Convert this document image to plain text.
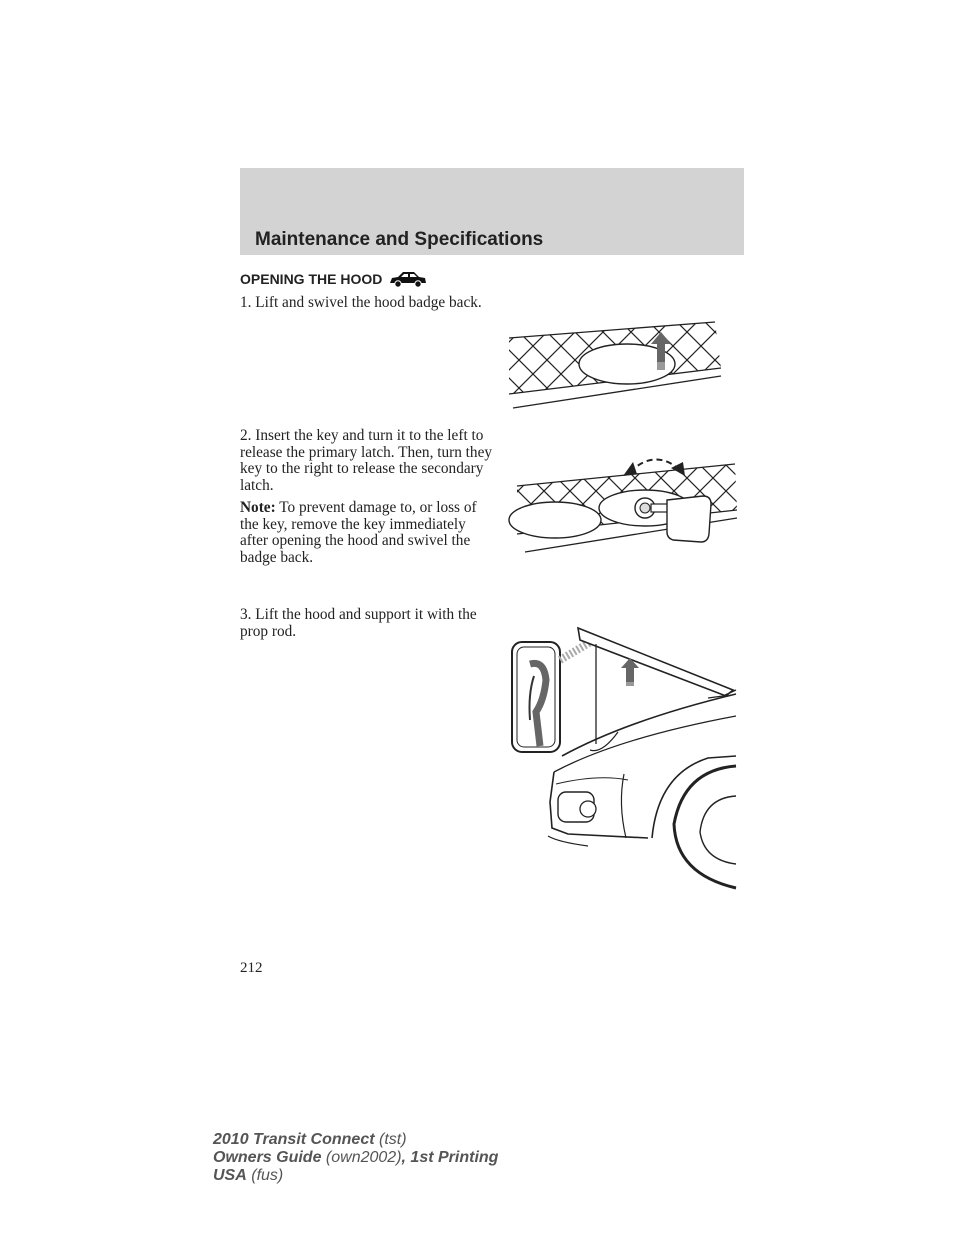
Maintenance and Specifications
OPENING THE HOOD
1. Lift and swivel the hood badge back.
2. Insert the key and turn it to the left to release the primary latch. Then, turn they key to the right to release the secondary latch.
Note: To prevent damage to, or loss of the key, remove the key immediately after opening the hood and swivel the badge back.
3. Lift the hood and support it with the prop rod.
212
2010 Transit Connect (tst)
Owners Guide (own2002), 1st Printing
USA (fus)
